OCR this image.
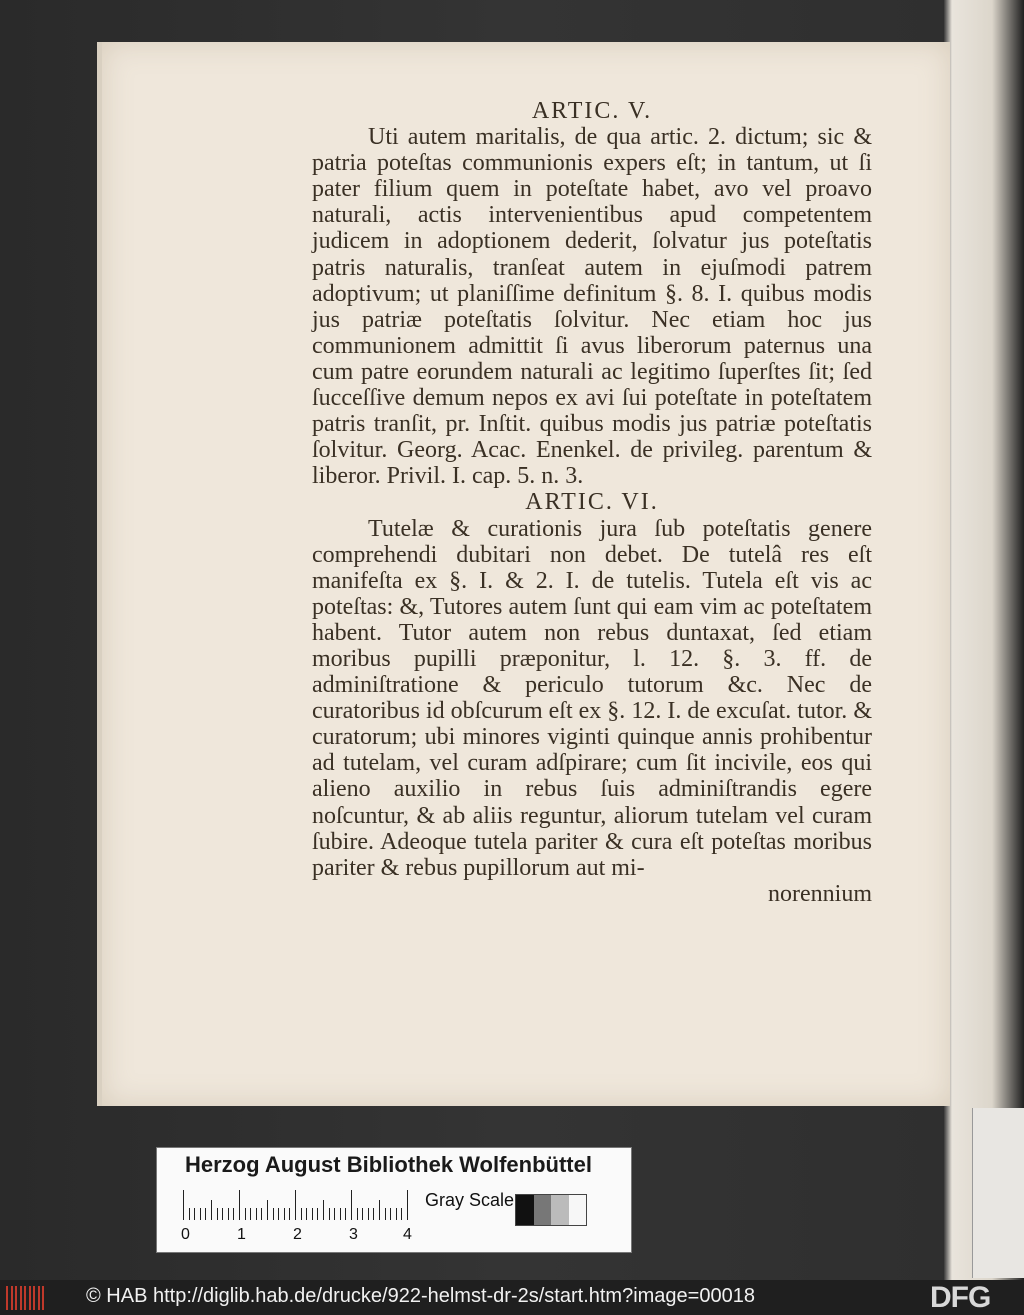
ARTIC. V.

Uti autem maritalis, de qua artic. 2. dictum; sic & patria poteſtas communionis expers eſt; in tantum, ut ſi pater filium quem in poteſtate habet, avo vel proavo naturali, actis intervenientibus apud competentem judicem in adoptionem dederit, ſolvatur jus poteſtatis patris naturalis, tranſeat autem in ejuſmodi patrem adoptivum; ut planiſſime definitum §. 8. I. quibus modis jus patriæ poteſtatis ſolvitur. Nec etiam hoc jus communionem admittit ſi avus liberorum paternus una cum patre eorundem naturali ac legitimo ſuperſtes ſit; ſed ſucceſſive demum nepos ex avi ſui poteſtate in poteſtatem patris tranſit, pr. Inſtit. quibus modis jus patriæ poteſtatis ſolvitur. Georg. Acac. Enenkel. de privileg. parentum & liberor. Privil. I. cap. 5. n. 3.

ARTIC. VI.

Tutelæ & curationis jura ſub poteſtatis genere comprehendi dubitari non debet. De tutelâ res eſt manifeſta ex §. I. & 2. I. de tutelis. Tutela eſt vis ac poteſtas: &, Tutores autem ſunt qui eam vim ac poteſtatem habent. Tutor autem non rebus duntaxat, ſed etiam moribus pupilli præponitur, l. 12. §. 3. ff. de adminiſtratione & periculo tutorum &c. Nec de curatoribus id obſcurum eſt ex §. 12. I. de excuſat. tutor. & curatorum; ubi minores viginti quinque annis prohibentur ad tutelam, vel curam adſpirare; cum ſit incivile, eos qui alieno auxilio in rebus ſuis adminiſtrandis egere noſcuntur, & ab aliis reguntur, aliorum tutelam vel curam ſubire. Adeoque tutela pariter & cura eſt poteſtas moribus pariter & rebus pupillorum aut mi-

norennium

Herzog August Bibliothek Wolfenbüttel
0	1	2	3	4
Gray Scale
© HAB http://diglib.hab.de/drucke/922-helmst-dr-2s/start.htm?image=00018	DFG
